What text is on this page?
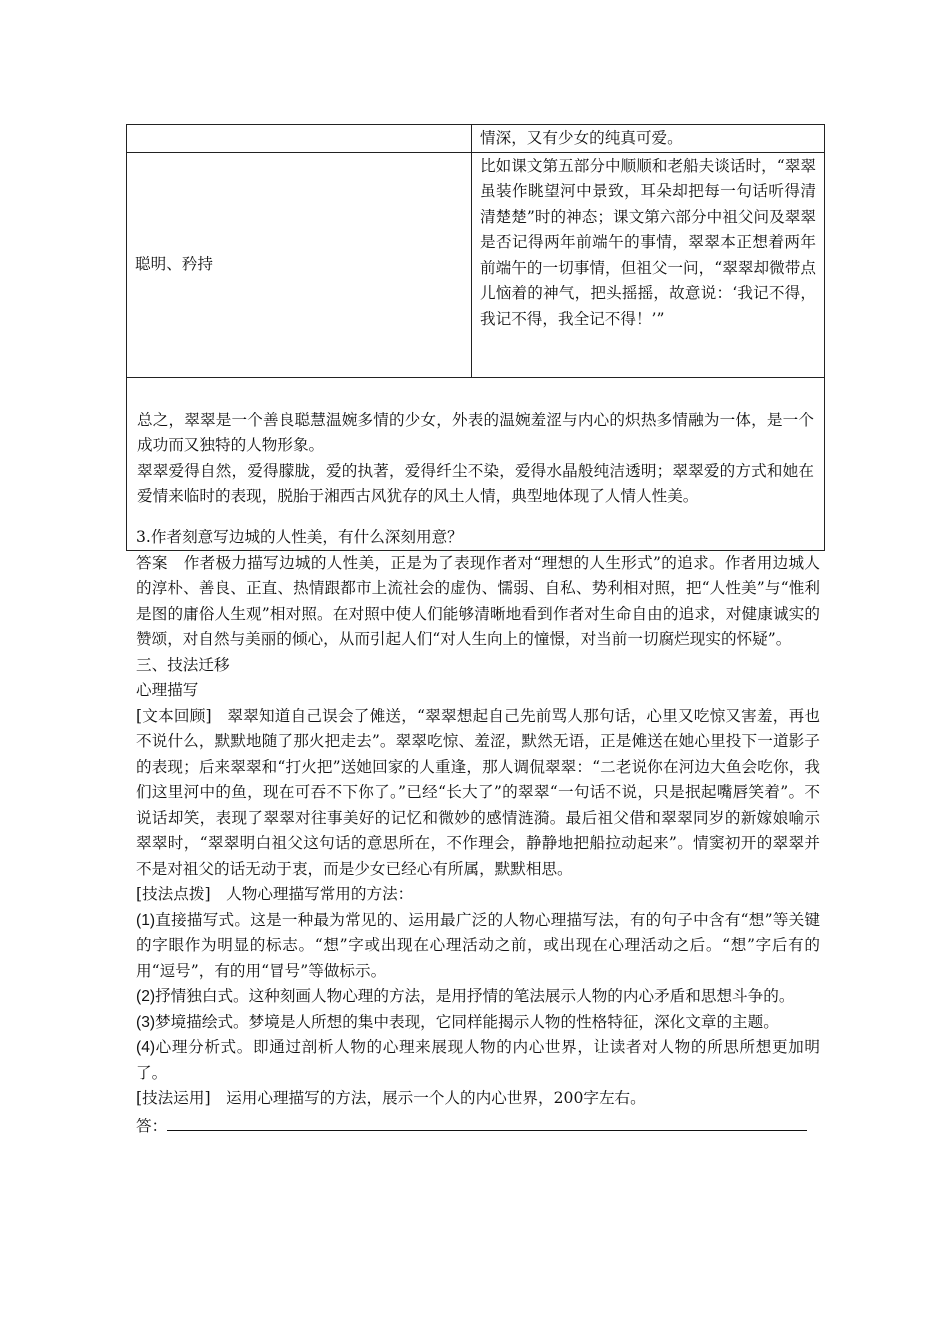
	情深，又有少女的纯真可爱。

聪明、矜持	比如课文第五部分中顺顺和老船夫谈话时，“翠翠虽装作眺望河中景致，耳朵却把每一句话听得清清楚楚”时的神态；课文第六部分中祖父问及翠翠是否记得两年前端午的事情，翠翠本正想着两年前端午的一切事情，但祖父一问，“翠翠却微带点儿恼着的神气，把头摇摇，故意说：‘我记不得，我记不得，我全记不得！’”

总之，翠翠是一个善良聪慧温婉多情的少女，外表的温婉羞涩与内心的炽热多情融为一体，是一个成功而又独特的人物形象。
翠翠爱得自然，爱得朦胧，爱的执著，爱得纤尘不染，爱得水晶般纯洁透明；翠翠爱的方式和她在爱情来临时的表现，脱胎于湘西古风犹存的风土人情，典型地体现了人情人性美。	

3.作者刻意写边城的人性美，有什么深刻用意？

答案  作者极力描写边城的人性美，正是为了表现作者对“理想的人生形式”的追求。作者用边城人的淳朴、善良、正直、热情跟都市上流社会的虚伪、懦弱、自私、势利相对照，把“人性美”与“惟利是图的庸俗人生观”相对照。在对照中使人们能够清晰地看到作者对生命自由的追求，对健康诚实的赞颂，对自然与美丽的倾心，从而引起人们“对人生向上的憧憬，对当前一切腐烂现实的怀疑”。

三、技法迁移

心理描写

[文本回顾]  翠翠知道自己误会了傩送，“翠翠想起自己先前骂人那句话，心里又吃惊又害羞，再也不说什么，默默地随了那火把走去”。翠翠吃惊、羞涩，默然无语，正是傩送在她心里投下一道影子的表现；后来翠翠和“打火把”送她回家的人重逢，那人调侃翠翠：“二老说你在河边大鱼会吃你，我们这里河中的鱼，现在可吞不下你了。”已经“长大了”的翠翠“一句话不说，只是抿起嘴唇笑着”。不说话却笑，表现了翠翠对往事美好的记忆和微妙的感情涟漪。最后祖父借和翠翠同岁的新嫁娘喻示翠翠时，“翠翠明白祖父这句话的意思所在，不作理会，静静地把船拉动起来”。情窦初开的翠翠并不是对祖父的话无动于衷，而是少女已经心有所属，默默相思。

[技法点拨]  人物心理描写常用的方法：

(1)直接描写式。这是一种最为常见的、运用最广泛的人物心理描写法，有的句子中含有“想”等关键的字眼作为明显的标志。“想”字或出现在心理活动之前，或出现在心理活动之后。“想”字后有的用“逗号”，有的用“冒号”等做标示。

(2)抒情独白式。这种刻画人物心理的方法，是用抒情的笔法展示人物的内心矛盾和思想斗争的。

(3)梦境描绘式。梦境是人所想的集中表现，它同样能揭示人物的性格特征，深化文章的主题。

(4)心理分析式。即通过剖析人物的心理来展现人物的内心世界，让读者对人物的所思所想更加明了。

[技法运用]  运用心理描写的方法，展示一个人的内心世界，200字左右。

答：
